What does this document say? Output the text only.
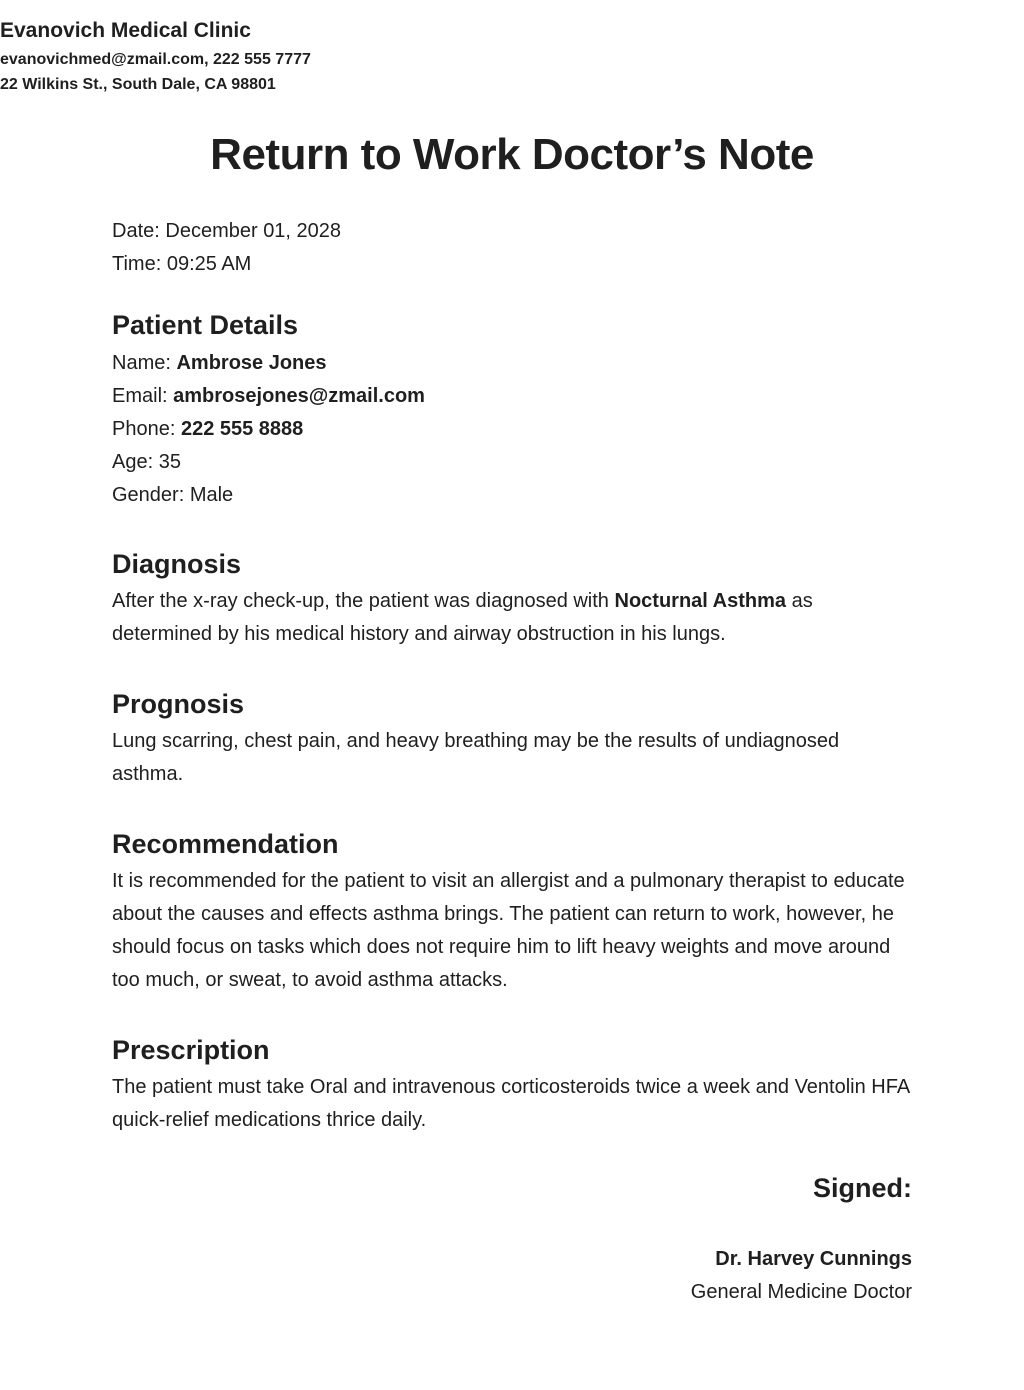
Evanovich Medical Clinic
evanovichmed@zmail.com, 222 555 7777
22 Wilkins St., South Dale, CA 98801
Return to Work Doctor’s Note
Date: December 01, 2028
Time: 09:25 AM
Patient Details
Name: Ambrose Jones
Email: ambrosejones@zmail.com
Phone: 222 555 8888
Age: 35
Gender: Male
Diagnosis
After the x-ray check-up, the patient was diagnosed with Nocturnal Asthma as determined by his medical history and airway obstruction in his lungs.
Prognosis
Lung scarring, chest pain, and heavy breathing may be the results of undiagnosed asthma.
Recommendation
It is recommended for the patient to visit an allergist and a pulmonary therapist to educate about the causes and effects asthma brings. The patient can return to work, however, he should focus on tasks which does not require him to lift heavy weights and move around too much, or sweat, to avoid asthma attacks.
Prescription
The patient must take Oral and intravenous corticosteroids twice a week and Ventolin HFA quick-relief medications thrice daily.
Signed:
Dr. Harvey Cunnings
General Medicine Doctor
